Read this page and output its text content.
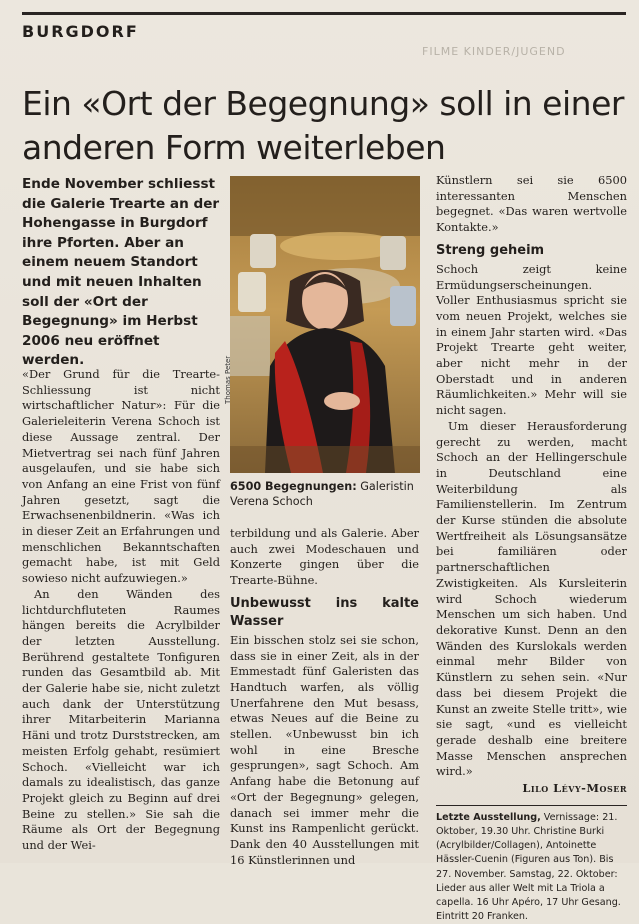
BURGDORF
FILME KINDER/JUGEND
Ein «Ort der Begegnung» soll in einer anderen Form weiterleben
Ende November schliesst die Galerie Trearte an der Hohengasse in Burgdorf ihre Pforten. Aber an einem neuem Standort und mit neuen Inhalten soll der «Ort der Begegnung» im Herbst 2006 neu eröffnet werden.

«Der Grund für die Trearte-Schliessung ist nicht wirtschaftlicher Natur»: Für die Galerieleiterin Verena Schoch ist diese Aussage zentral. Der Mietvertrag sei nach fünf Jahren ausgelaufen, und sie habe sich von Anfang an eine Frist von fünf Jahren gesetzt, sagt die Erwachsenenbildnerin. «Was ich in dieser Zeit an Erfahrungen und menschlichen Bekanntschaften gemacht habe, ist mit Geld sowieso nicht aufzuwiegen.»

An den Wänden des lichtdurchfluteten Raumes hängen bereits die Acrylbilder der letzten Ausstellung. Berührend gestaltete Tonfiguren runden das Gesamtbild ab. Mit der Galerie habe sie, nicht zuletzt auch dank der Unterstützung ihrer Mitarbeiterin Marianna Häni und trotz Durststrecken, am meisten Erfolg gehabt, resümiert Schoch. «Vielleicht war ich damals zu idealistisch, das ganze Projekt gleich zu Beginn auf drei Beine zu stellen.» Sie sah die Räume als Ort der Begegnung und der Wei-

Thomas Peter
6500 Begegnungen: Galeristin Verena Schoch

terbildung und als Galerie. Aber auch zwei Modeschauen und Konzerte gingen über die Trearte-Bühne.

Unbewusst ins kalte Wasser

Ein bisschen stolz sei sie schon, dass sie in einer Zeit, als in der Emmestadt fünf Galeristen das Handtuch warfen, als völlig Unerfahrene den Mut besass, etwas Neues auf die Beine zu stellen. «Unbewusst bin ich wohl in eine Bresche gesprungen», sagt Schoch. Am Anfang habe die Betonung auf «Ort der Begegnung» gelegen, danach sei immer mehr die Kunst ins Rampenlicht gerückt. Dank den 40 Ausstellungen mit 16 Künstlerinnen und

Künstlern sei sie 6500 interessanten Menschen begegnet. «Das waren wertvolle Kontakte.»

Streng geheim

Schoch zeigt keine Ermüdungserscheinungen. Voller Enthusiasmus spricht sie vom neuen Projekt, welches sie in einem Jahr starten wird. «Das Projekt Trearte geht weiter, aber nicht mehr in der Oberstadt und in anderen Räumlichkeiten.» Mehr will sie nicht sagen.

Um dieser Herausforderung gerecht zu werden, macht Schoch an der Hellingerschule in Deutschland eine Weiterbildung als Familienstellerin. Im Zentrum der Kurse stünden die absolute Wertfreiheit als Lösungsansätze bei familiären oder partnerschaftlichen Zwistigkeiten. Als Kursleiterin wird Schoch wiederum Menschen um sich haben. Und dekorative Kunst. Denn an den Wänden des Kurslokals werden einmal mehr Bilder von Künstlern zu sehen sein. «Nur dass bei diesem Projekt die Kunst an zweite Stelle tritt», wie sie sagt, «und es vielleicht gerade deshalb eine breitere Masse Menschen ansprechen wird.»

Lilo Lévy-Moser
Letzte Ausstellung, Vernissage: 21. Oktober, 19.30 Uhr. Christine Burki (Acrylbilder/Collagen), Antoinette Hässler-Cuenin (Figuren aus Ton). Bis 27. November. Samstag, 22. Oktober: Lieder aus aller Welt mit La Triola a capella. 16 Uhr Apéro, 17 Uhr Gesang. Eintritt 20 Franken.
